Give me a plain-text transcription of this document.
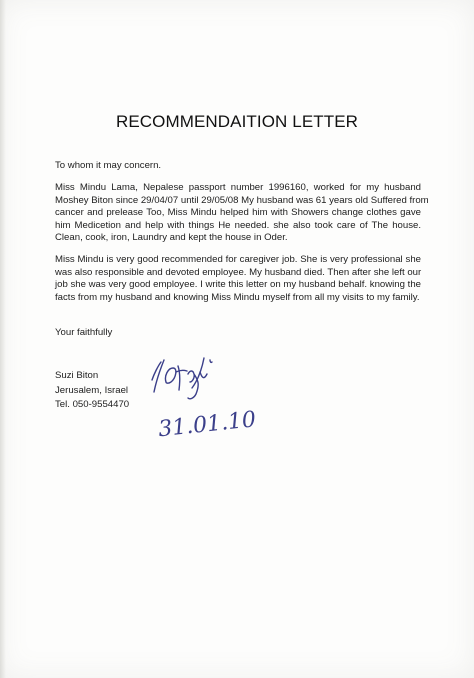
RECOMMENDAITION LETTER
To whom it may concern.
Miss Mindu Lama, Nepalese passport number 1996160, worked for my husband
Moshey Biton since 29/04/07 until 29/05/08 My husband was 61 years old Suffered from
cancer and prelease Too, Miss Mindu helped him with Showers change clothes gave
him Medicetion and help with things He needed. she also took care of The house.
Clean, cook, iron, Laundry and kept the house in Oder.
Miss Mindu is very good recommended for caregiver job. She is very professional she
was also responsible and devoted employee. My husband died. Then after she left our
job she was very good employee. I write this letter on my husband behalf. knowing the
facts from my husband and knowing Miss Mindu myself from all my visits to my family.
Your faithfully
Suzi Biton
Jerusalem, Israel
Tel. 050-9554470
31.01.10
